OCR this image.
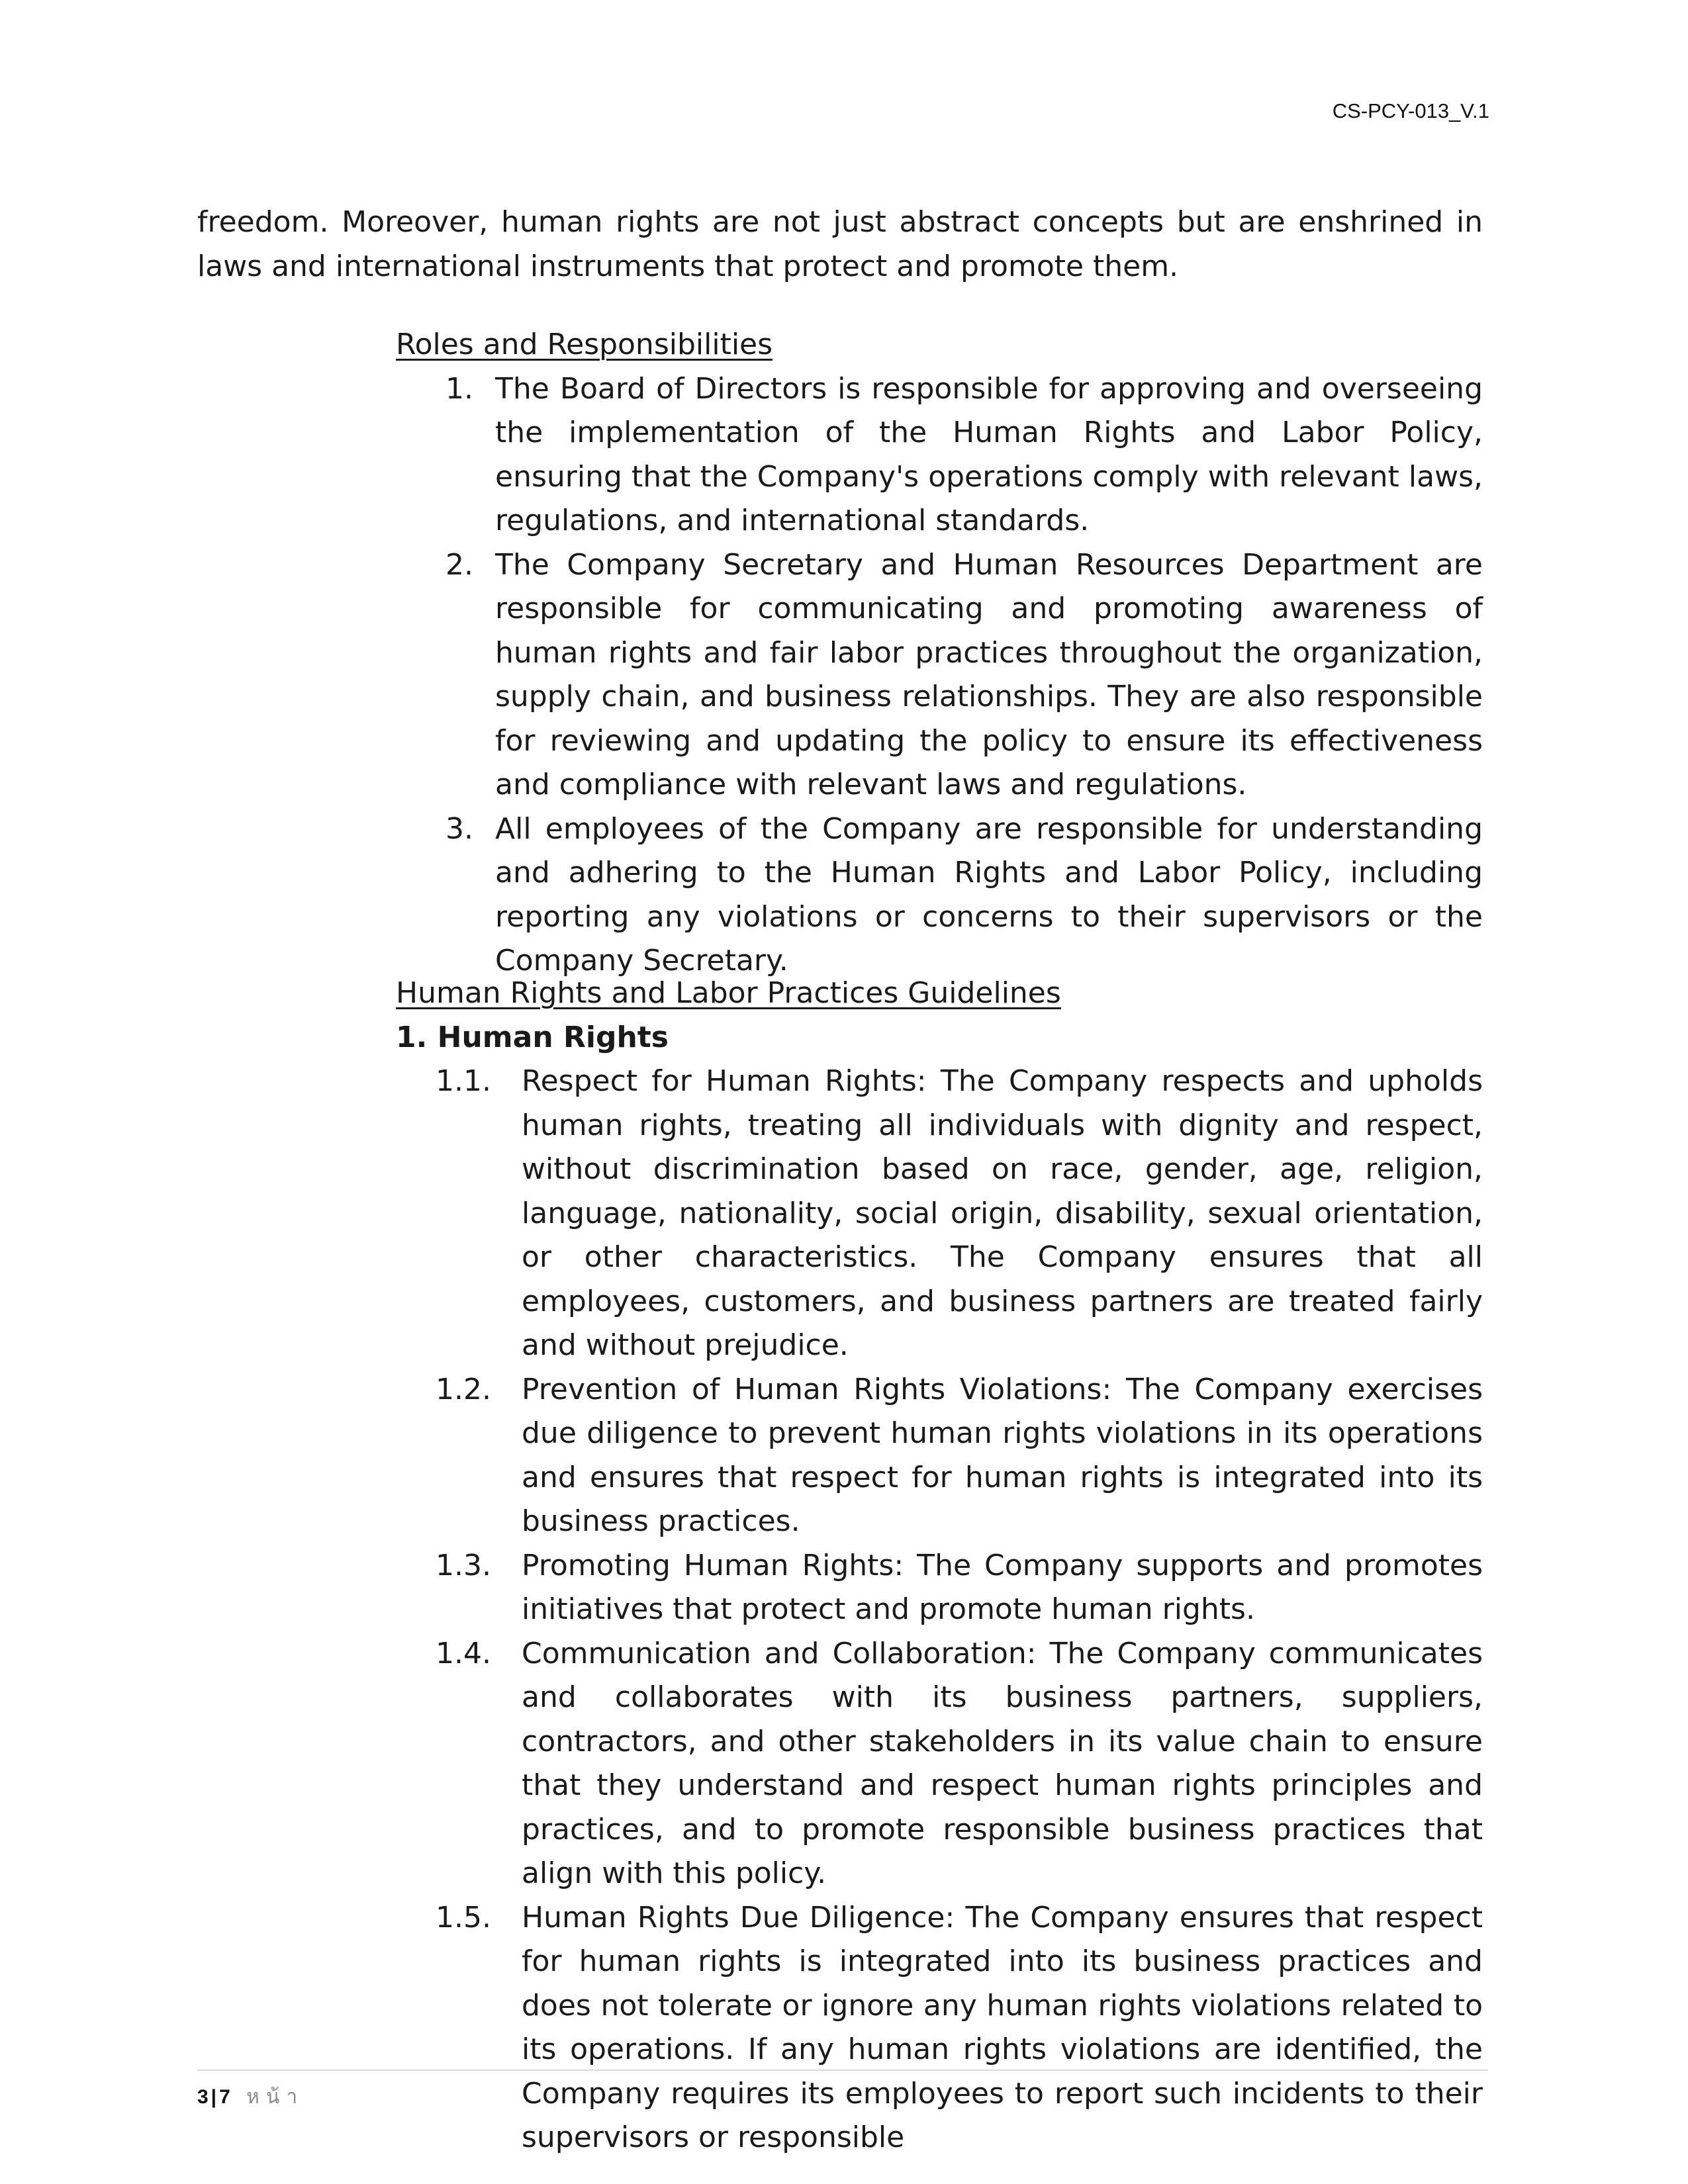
CS-PCY-013_V.1

freedom. Moreover, human rights are not just abstract concepts but are enshrined in laws and international instruments that protect and promote them.

Roles and Responsibilities
1. The Board of Directors is responsible for approving and overseeing the implementation of the Human Rights and Labor Policy, ensuring that the Company's operations comply with relevant laws, regulations, and international standards.
2. The Company Secretary and Human Resources Department are responsible for communicating and promoting awareness of human rights and fair labor practices throughout the organization, supply chain, and business relationships. They are also responsible for reviewing and updating the policy to ensure its effectiveness and compliance with relevant laws and regulations.
3. All employees of the Company are responsible for understanding and adhering to the Human Rights and Labor Policy, including reporting any violations or concerns to their supervisors or the Company Secretary.
Human Rights and Labor Practices Guidelines
1. Human Rights
1.1. Respect for Human Rights: The Company respects and upholds human rights, treating all individuals with dignity and respect, without discrimination based on race, gender, age, religion, language, nationality, social origin, disability, sexual orientation, or other characteristics. The Company ensures that all employees, customers, and business partners are treated fairly and without prejudice.
1.2. Prevention of Human Rights Violations: The Company exercises due diligence to prevent human rights violations in its operations and ensures that respect for human rights is integrated into its business practices.
1.3. Promoting Human Rights: The Company supports and promotes initiatives that protect and promote human rights.
1.4. Communication and Collaboration: The Company communicates and collaborates with its business partners, suppliers, contractors, and other stakeholders in its value chain to ensure that they understand and respect human rights principles and practices, and to promote responsible business practices that align with this policy.
1.5. Human Rights Due Diligence: The Company ensures that respect for human rights is integrated into its business practices and does not tolerate or ignore any human rights violations related to its operations. If any human rights violations are identified, the Company requires its employees to report such incidents to their supervisors or responsible
3|7 หน้า
